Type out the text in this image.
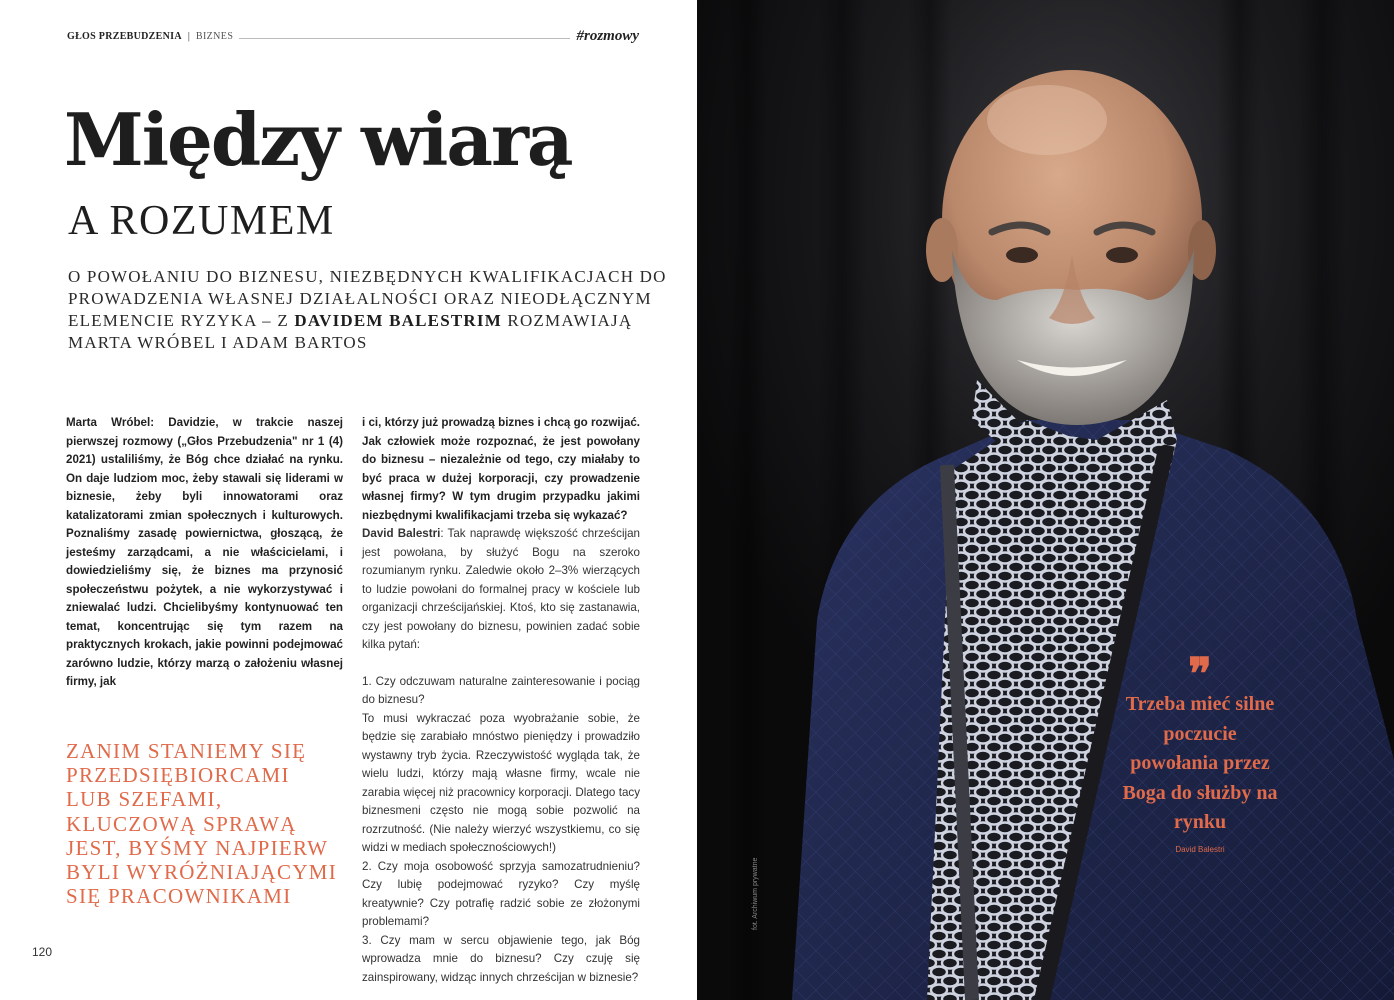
GŁOS PRZEBUDZENIA | BIZNES	#rozmowy
Między wiarą
A ROZUMEM
O POWOŁANIU DO BIZNESU, NIEZBĘDNYCH KWALIFIKACJACH DO PROWADZENIA WŁASNEJ DZIAŁALNOŚCI ORAZ NIEODŁĄCZNYM ELEMENCIE RYZYKA – Z DAVIDEM BALESTRIM ROZMAWIAJĄ MARTA WRÓBEL I ADAM BARTOS
Marta Wróbel: Davidzie, w trakcie naszej pierwszej rozmowy („Głos Przebudzenia" nr 1 (4) 2021) ustaliliśmy, że Bóg chce działać na rynku. On daje ludziom moc, żeby stawali się liderami w biznesie, żeby byli innowatorami oraz katalizatorami zmian społecznych i kulturowych. Poznaliśmy zasadę powiernictwa, głoszącą, że jesteśmy zarządcami, a nie właścicielami, i dowiedzieliśmy się, że biznes ma przynosić społeczeństwu pożytek, a nie wykorzystywać i zniewalać ludzi. Chcielibyśmy kontynuować ten temat, koncentrując się tym razem na praktycznych krokach, jakie powinni podejmować zarówno ludzie, którzy marzą o założeniu własnej firmy, jak

i ci, którzy już prowadzą biznes i chcą go rozwijać. Jak człowiek może rozpoznać, że jest powołany do biznesu – niezależnie od tego, czy miałaby to być praca w dużej korporacji, czy prowadzenie własnej firmy? W tym drugim przypadku jakimi niezbędnymi kwalifikacjami trzeba się wykazać?

David Balestri: Tak naprawdę większość chrześcijan jest powołana, by służyć Bogu na szeroko rozumianym rynku. Zaledwie około 2–3% wierzących to ludzie powołani do formalnej pracy w kościele lub organizacji chrześcijańskiej. Ktoś, kto się zastanawia, czy jest powołany do biznesu, powinien zadać sobie kilka pytań:

1. Czy odczuwam naturalne zainteresowanie i pociąg do biznesu?

To musi wykraczać poza wyobrażanie sobie, że będzie się zarabiało mnóstwo pieniędzy i prowadziło wystawny tryb życia. Rzeczywistość wygląda tak, że wielu ludzi, którzy mają własne firmy, wcale nie zarabia więcej niż pracownicy korporacji. Dlatego tacy biznesmeni często nie mogą sobie pozwolić na rozrzutność. (Nie należy wierzyć wszystkiemu, co się widzi w mediach społecznościowych!)

2. Czy moja osobowość sprzyja samozatrudnieniu? Czy lubię podejmować ryzyko? Czy myślę kreatywnie? Czy potrafię radzić sobie ze złożonymi problemami?

3. Czy mam w sercu objawienie tego, jak Bóg wprowadza mnie do biznesu? Czy czuję się zainspirowany, widząc innych chrześcijan w biznesie?

ZANIM STANIEMY SIĘ PRZEDSIĘBIORCAMI LUB SZEFAMI, KLUCZOWĄ SPRAWĄ JEST, BYŚMY NAJPIERW BYLI WYRÓŻNIAJĄCYMI SIĘ PRACOWNIKAMI
120
fot. Archiwum prywatne
❞
Trzeba mieć silne poczucie powołania przez Boga do służby na rynku
David Balestri
